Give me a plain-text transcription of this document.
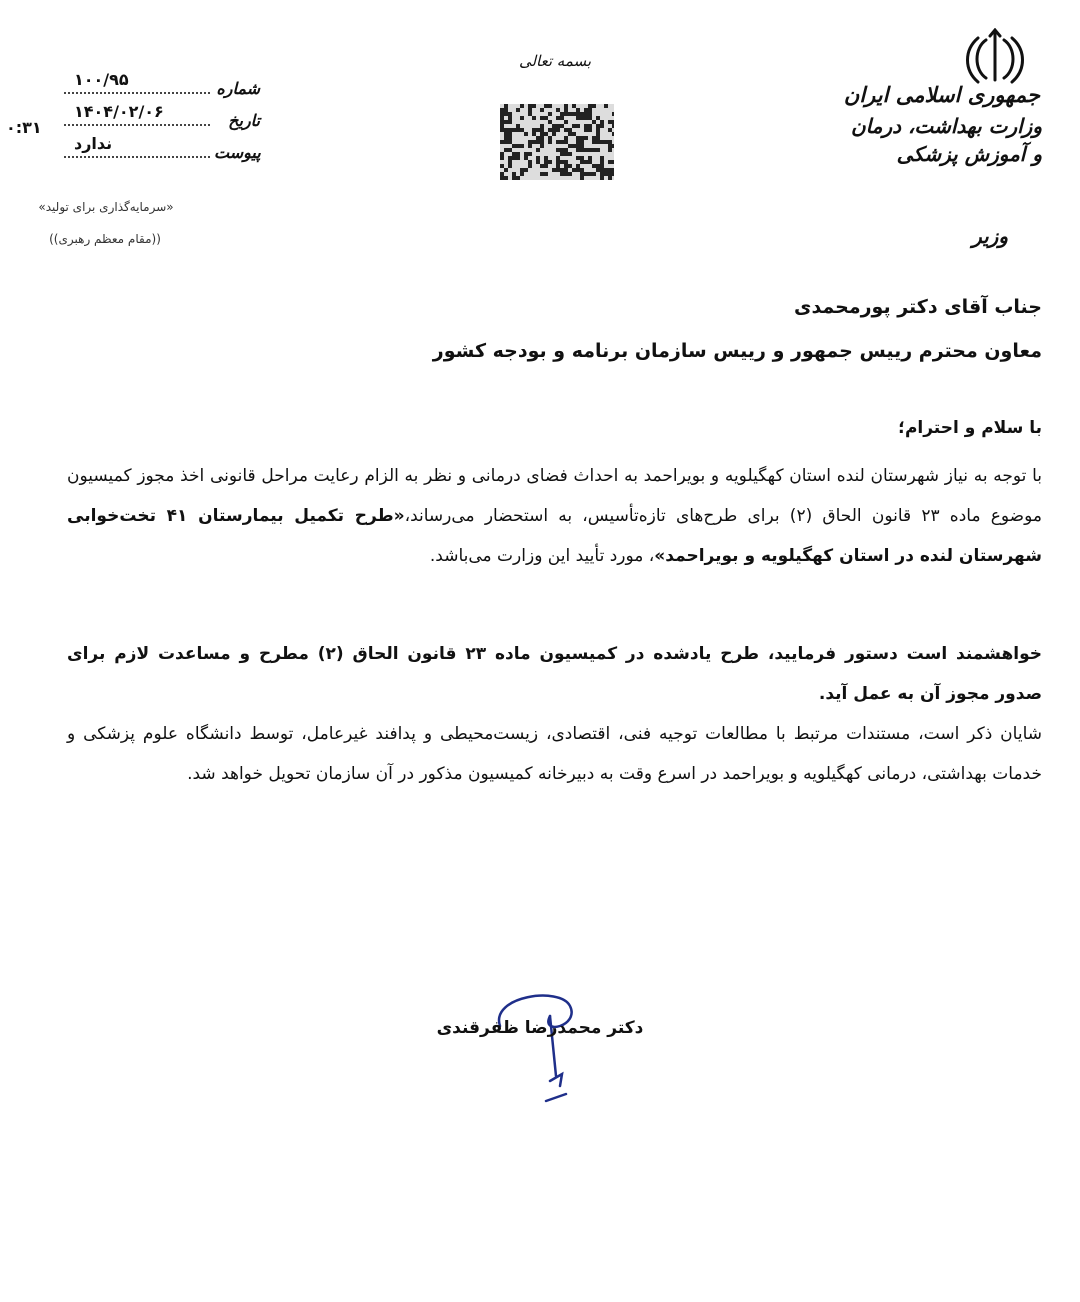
جمهوری اسلامی ایران
وزارت بهداشت، درمان و آموزش پزشکی
وزیر
بسمه تعالی
شماره
۱۰۰/۹۵
تاریخ
۱۴۰۴/۰۲/۰۶
۰:۳۱
پیوست
ندارد
«سرمایه‌گذاری برای تولید»
((مقام معظم رهبری))
جناب آقای دکتر پورمحمدی
معاون محترم رییس جمهور و رییس سازمان برنامه و بودجه کشور
با سلام و احترام؛
با توجه به نیاز شهرستان لنده استان کهگیلویه و بویراحمد به احداث فضای درمانی و نظر به الزام رعایت مراحل قانونی اخذ مجوز کمیسیون موضوع ماده ۲۳ قانون الحاق (۲) برای طرح‌های تازه‌تأسیس، به استحضار می‌رساند،«طرح تکمیل بیمارستان ۴۱ تخت‌خوابی شهرستان لنده در استان کهگیلویه و بویراحمد»، مورد تأیید این وزارت می‌باشد.
خواهشمند است دستور فرمایید، طرح یادشده در کمیسیون ماده ۲۳ قانون الحاق (۲) مطرح و مساعدت لازم برای صدور مجوز آن به عمل آید.
شایان ذکر است، مستندات مرتبط با مطالعات توجیه فنی، اقتصادی، زیست‌محیطی و پدافند غیرعامل، توسط دانشگاه علوم پزشکی و خدمات بهداشتی، درمانی کهگیلویه و بویراحمد در اسرع وقت به دبیرخانه کمیسیون مذکور در آن سازمان تحویل خواهد شد.
دکتر محمدرضا ظفرقندی
